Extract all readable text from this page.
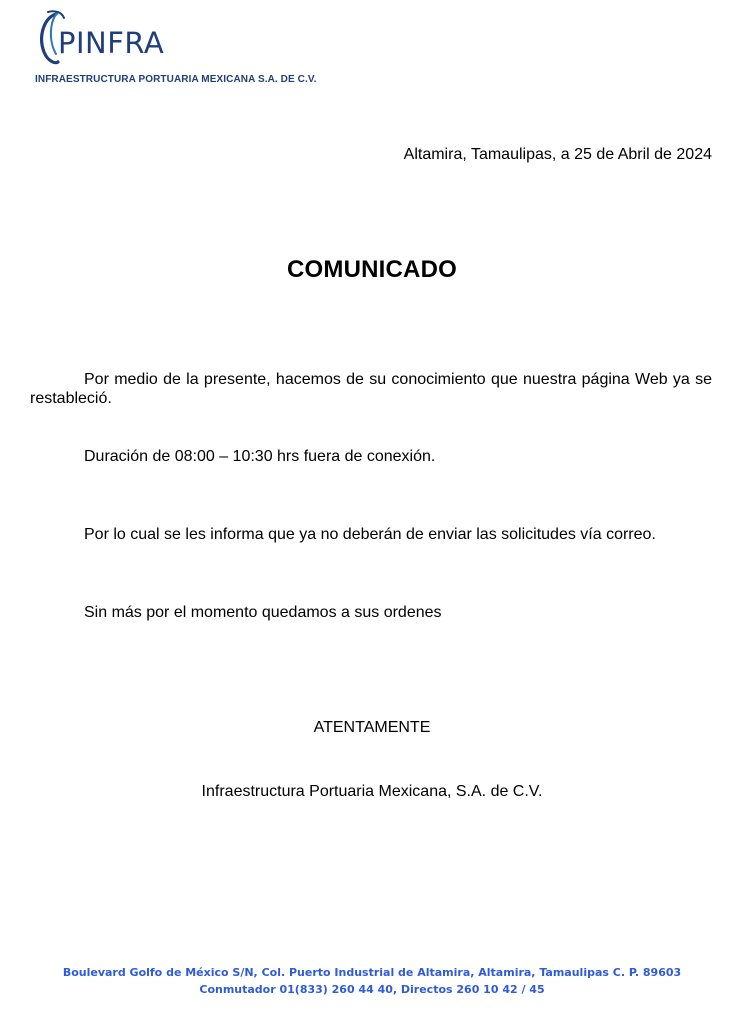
PINFRA
INFRAESTRUCTURA PORTUARIA MEXICANA S.A. DE C.V.
Altamira, Tamaulipas, a 25 de Abril de 2024
COMUNICADO
Por medio de la presente, hacemos de su conocimiento que nuestra página Web ya se restableció.
Duración de 08:00 – 10:30 hrs fuera de conexión.
Por lo cual se les informa que ya no deberán de enviar las solicitudes vía correo.
Sin más por el momento quedamos a sus ordenes
ATENTAMENTE
Infraestructura Portuaria Mexicana, S.A. de C.V.
Boulevard Golfo de México S/N, Col. Puerto Industrial de Altamira, Altamira, Tamaulipas C. P. 89603
Conmutador 01(833) 260 44 40, Directos 260 10 42 / 45
